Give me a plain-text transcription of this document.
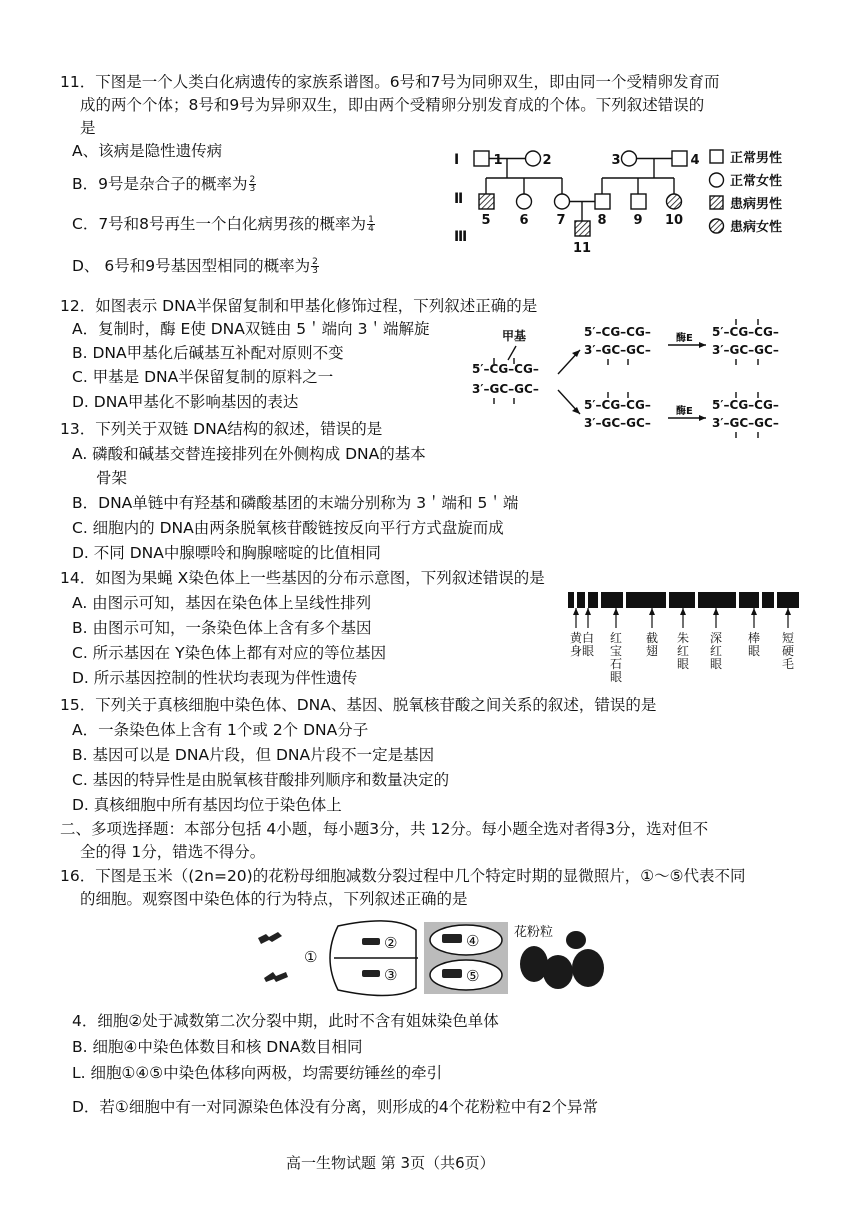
11．下图是一个人类白化病遗传的家族系谱图。6号和7号为同卵双生，即由同一个受精卵发育而
成的两个个体；8号和9号为异卵双生，即由两个受精卵分别发育成的个体。下列叙述错误的
是
A、该病是隐性遗传病
B．9号是杂合子的概率为 $\frac{2}{3}$
C．7号和8号再生一个白化病男孩的概率为 $\frac{1}{4}$
D、 6号和9号基因型相同的概率为 $\frac{2}{3}$
I
Ⅱ
Ⅲ
1	2	3	4
5 6 7 8 9 10
11
正常男性
正常女性
患病男性
患病女性
12．如图表示 DNA半保留复制和甲基化修饰过程，下列叙述正确的是
A．复制时，酶 E使 DNA双链由 5＇端向 3＇端解旋
B. DNA甲基化后碱基互补配对原则不变
C. 甲基是 DNA半保留复制的原料之一
D. DNA甲基化不影响基因的表达
甲基
5′–CG–CG–
3′–GC–GC–
5′–CG–CG–
3′–GC–GC–
5′–CG–CG–
3′–GC–GC–
5′–CG–CG–
3′–GC–GC–
5′–CG–CG–
3′–GC–GC–
酶E
酶E
13．下列关于双链 DNA结构的叙述，错误的是
A. 磷酸和碱基交替连接排列在外侧构成 DNA的基本
骨架
B．DNA单链中有羟基和磷酸基团的末端分别称为 3＇端和 5＇端
C. 细胞内的 DNA由两条脱氧核苷酸链按反向平行方式盘旋而成
D. 不同 DNA中腺嘌呤和胸腺嘧啶的比值相同
14．如图为果蝇 X染色体上一些基因的分布示意图，下列叙述错误的是
A. 由图示可知，基因在染色体上呈线性排列
B. 由图示可知，一条染色体上含有多个基因
C. 所示基因在 Y染色体上都有对应的等位基因
D. 所示基因控制的性状均表现为伴性遗传
黄身
白眼
红宝石眼
截翅
朱红眼
深红眼
棒眼
短硬毛
15．下列关于真核细胞中染色体、DNA、基因、脱氧核苷酸之间关系的叙述，错误的是
A．一条染色体上含有 1个或 2个 DNA分子
B. 基因可以是 DNA片段，但 DNA片段不一定是基因
C. 基因的特异性是由脱氧核苷酸排列顺序和数量决定的
D. 真核细胞中所有基因均位于染色体上
二、多项选择题：本部分包括 4小题，每小题3分，共 12分。每小题全选对者得3分，选对但不
全的得 1分，错选不得分。
16．下图是玉米（(2n=20)的花粉母细胞减数分裂过程中几个特定时期的显微照片，①～⑤代表不同
的细胞。观察图中染色体的行为特点，下列叙述正确的是
①
②
③
④
⑤
花粉粒
4．细胞②处于减数第二次分裂中期，此时不含有姐妹染色单体
B. 细胞④中染色体数目和核 DNA数目相同
L. 细胞①④⑤中染色体移向两极，均需要纺锤丝的牵引
D．若①细胞中有一对同源染色体没有分离，则形成的4个花粉粒中有2个异常
高一生物试题 第 3页（共6页）
